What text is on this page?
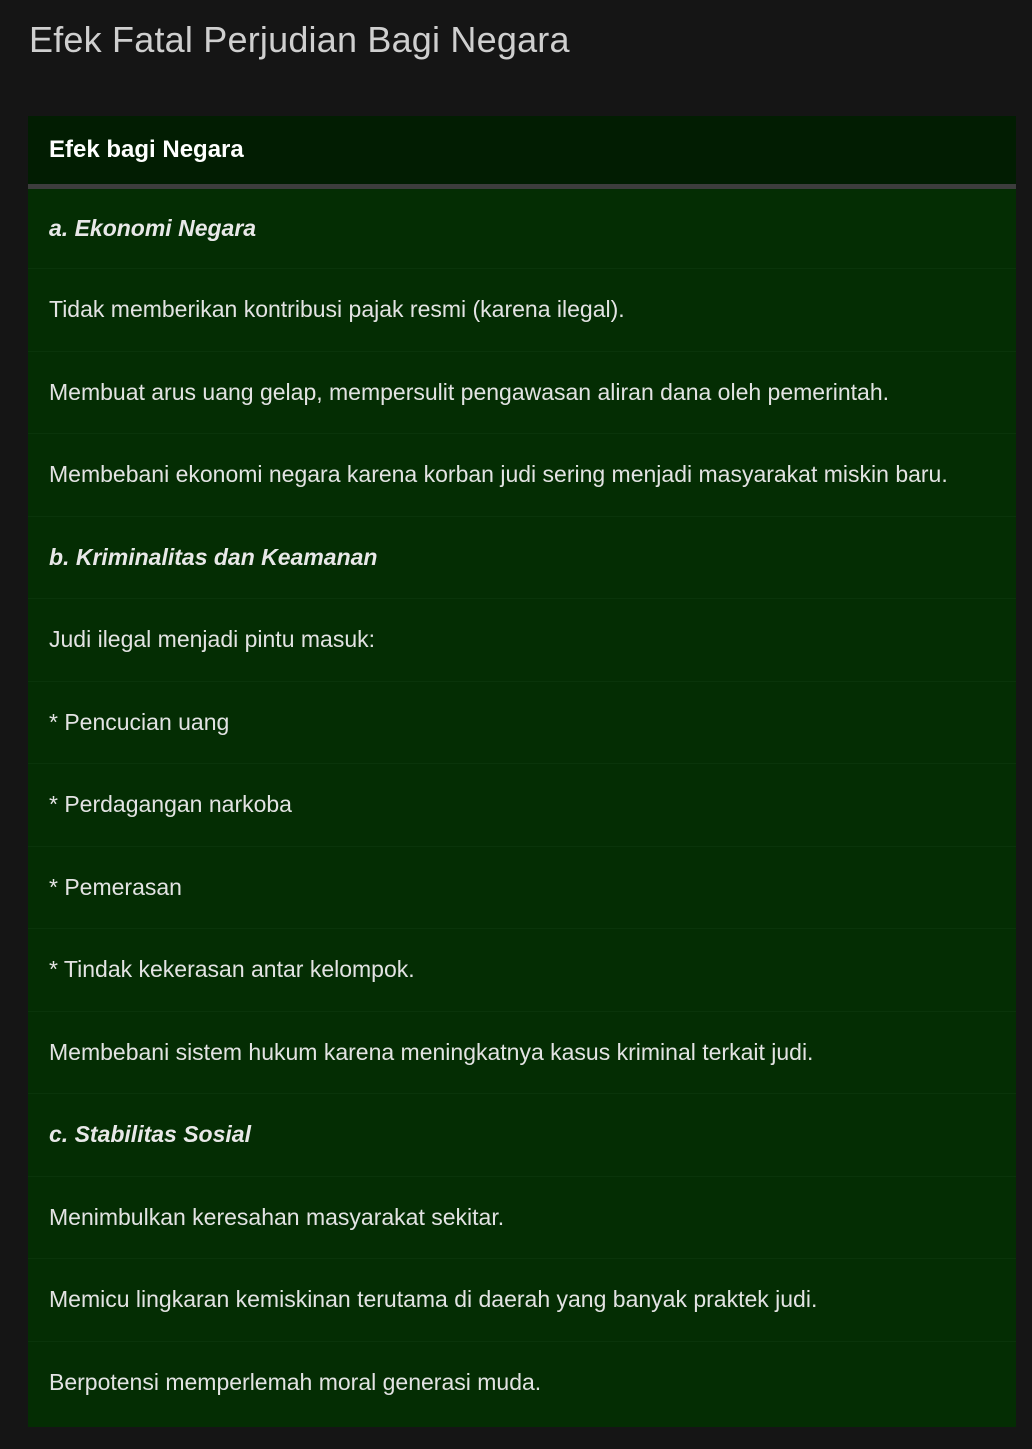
Efek Fatal Perjudian Bagi Negara
Efek bagi Negara
a. Ekonomi Negara
Tidak memberikan kontribusi pajak resmi (karena ilegal).
Membuat arus uang gelap, mempersulit pengawasan aliran dana oleh pemerintah.
Membebani ekonomi negara karena korban judi sering menjadi masyarakat miskin baru.
b. Kriminalitas dan Keamanan
Judi ilegal menjadi pintu masuk:
* Pencucian uang
* Perdagangan narkoba
* Pemerasan
* Tindak kekerasan antar kelompok.
Membebani sistem hukum karena meningkatnya kasus kriminal terkait judi.
c. Stabilitas Sosial
Menimbulkan keresahan masyarakat sekitar.
Memicu lingkaran kemiskinan terutama di daerah yang banyak praktek judi.
Berpotensi memperlemah moral generasi muda.
